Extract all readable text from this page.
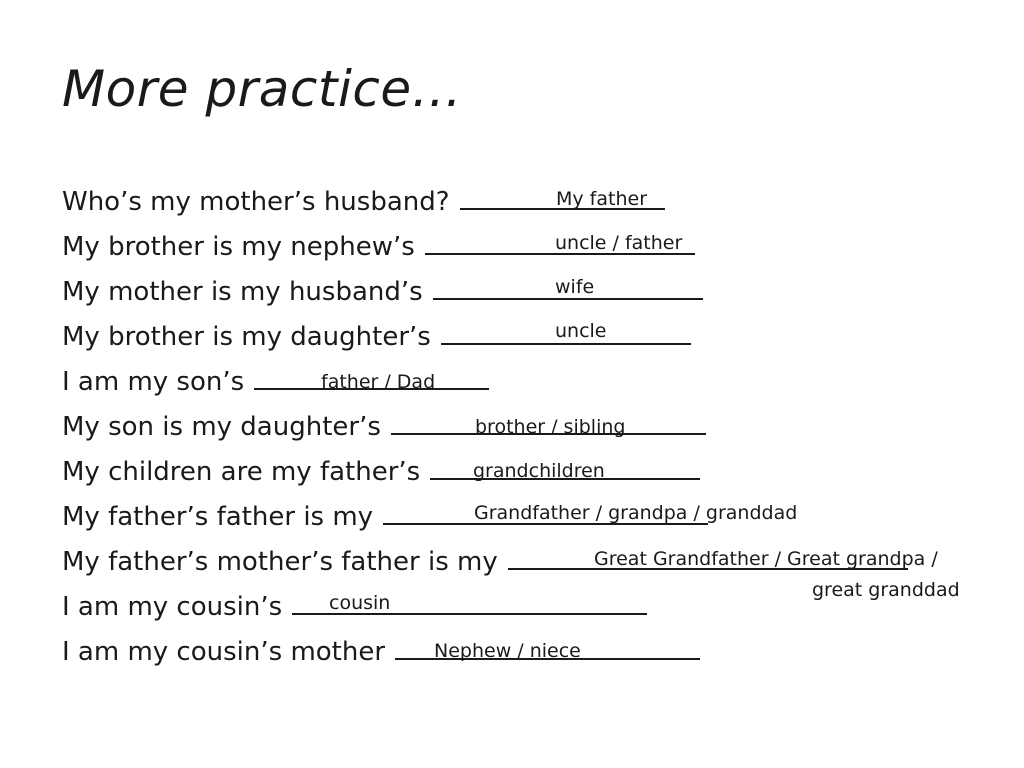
More practice…
Who’s my mother’s husband?	My father
My brother is my nephew’s	uncle / father
My mother is my husband’s	wife
My brother is my daughter’s	uncle
I am my son’s	father / Dad
My son is my daughter’s	brother / sibling
My children are my father’s	grandchildren
My father’s father is my	Grandfather / grandpa / granddad
My father’s mother’s father is my	Great Grandfather / Great grandpa /
great granddad
I am my cousin’s	cousin
I am my cousin’s mother	Nephew / niece
